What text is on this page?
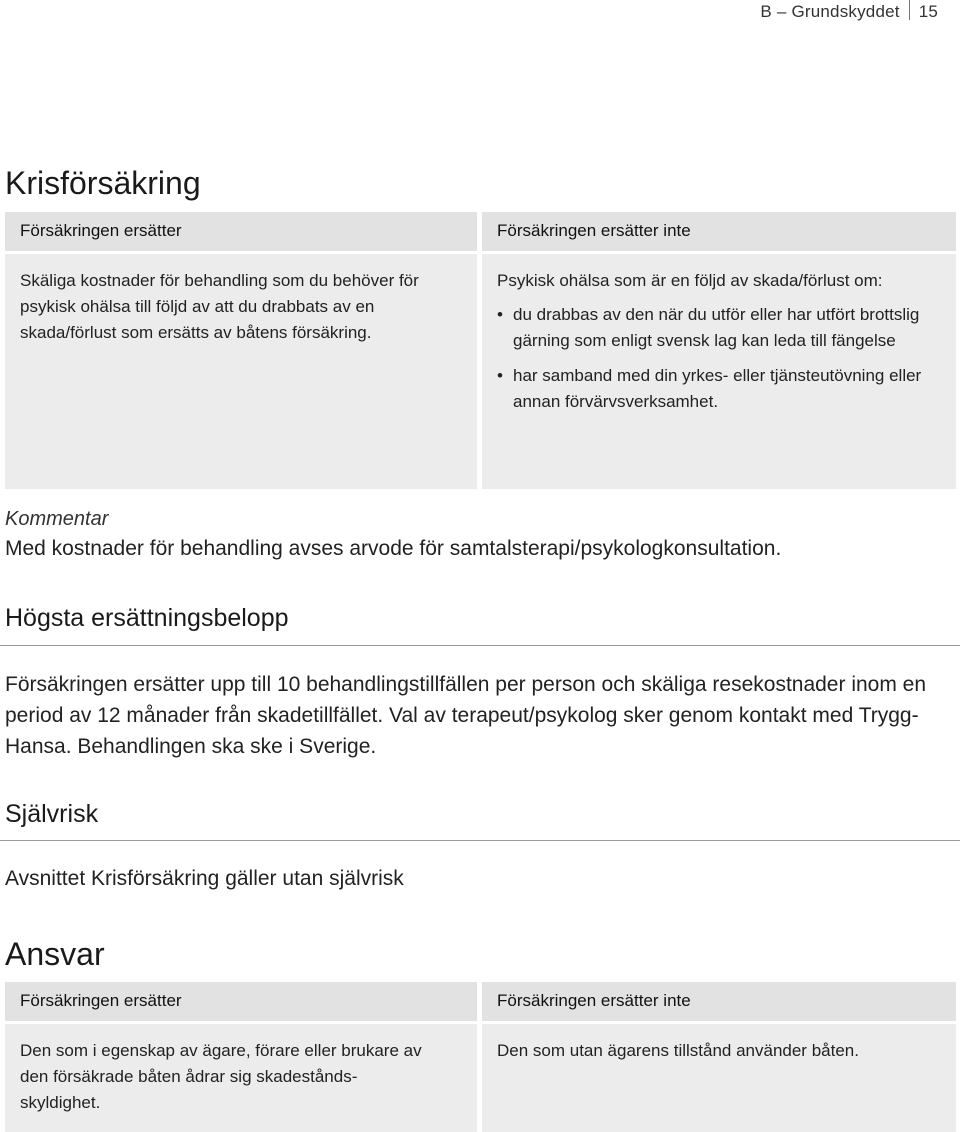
B – Grundskyddet 15
Krisförsäkring
Försäkringen ersätter

Skäliga kostnader för behandling som du behöver för psykisk ohälsa till följd av att du drabbats av en skada/förlust som ersätts av båtens försäkring.

Försäkringen ersätter inte

Psykisk ohälsa som är en följd av skada/förlust om:

• du drabbas av den när du utför eller har utfört brottslig gärning som enligt svensk lag kan leda till fängelse
• har samband med din yrkes- eller tjänsteutövning eller annan förvärvsverksamhet.
Kommentar
Med kostnader för behandling avses arvode för samtalsterapi/psykologkonsultation.
Högsta ersättningsbelopp

Försäkringen ersätter upp till 10 behandlingstillfällen per person och skäliga resekostnader inom en period av 12 månader från skadetillfället. Val av terapeut/psykolog sker genom kontakt med Trygg-Hansa. Behandlingen ska ske i Sverige.

Självrisk

Avsnittet Krisförsäkring gäller utan självrisk

Ansvar
Försäkringen ersätter

Den som i egenskap av ägare, förare eller brukare av den försäkrade båten ådrar sig skadestånds-skyldighet.

Försäkringen ersätter inte

Den som utan ägarens tillstånd använder båten.
